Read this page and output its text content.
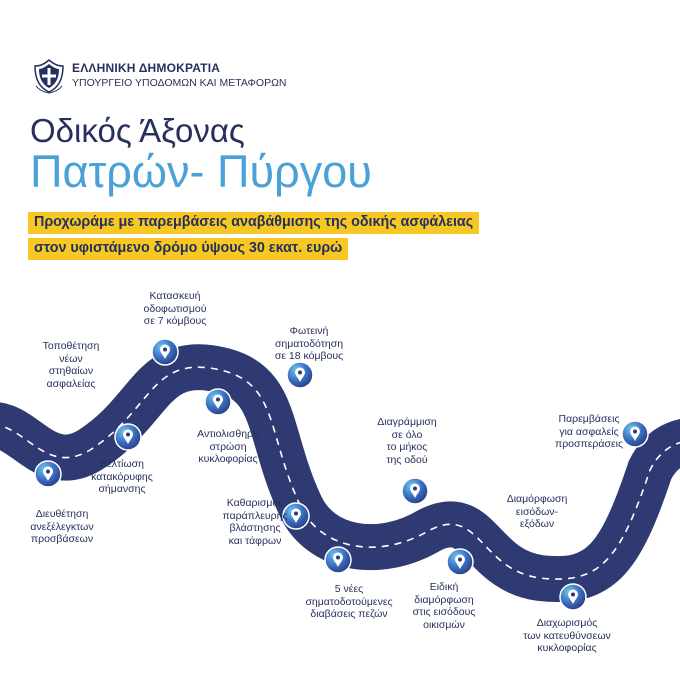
ΕΛΛΗΝΙΚΗ ΔΗΜΟΚΡΑΤΙΑ
ΥΠΟΥΡΓΕΙΟ ΥΠΟΔΟΜΩΝ ΚΑΙ ΜΕΤΑΦΟΡΩΝ
Οδικός Άξονας
Πατρών- Πύργου
Προχωράμε με παρεμβάσεις αναβάθμισης της οδικής ασφάλειας
στον υφιστάμενο δρόμο ύψους 30 εκατ. ευρώ
Διευθέτηση
ανεξέλεγκτων
προσβάσεων
Τοποθέτηση
νέων
στηθαίων
ασφαλείας
Βελτίωση
κατακόρυφης
σήμανσης
Κατασκευή
οδοφωτισμού
σε 7 κόμβους
Αντιολισθηρή
στρώση
κυκλοφορίας
Φωτεινή
σηματοδότηση
σε 18 κόμβους
Καθαρισμός
παράπλευρης
βλάστησης
και τάφρων
5 νέες
σηματοδοτούμενες
διαβάσεις πεζών
Διαγράμμιση
σε όλο
το μήκος
της οδού
Ειδική
διαμόρφωση
στις εισόδους
οικισμών
Διαμόρφωση
εισόδων-
εξόδων
Διαχωρισμός
των κατευθύνσεων
κυκλοφορίας
Παρεμβάσεις
για ασφαλείς
προσπεράσεις
